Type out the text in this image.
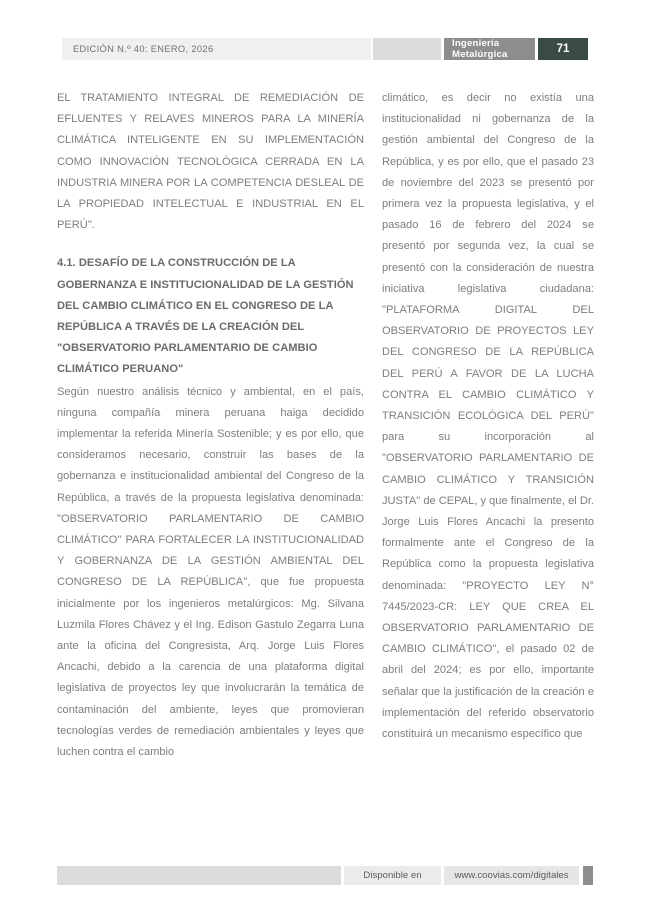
EDICIÓN N.º 40: ENERO, 2026	Ingeniería Metalúrgica	71

EL TRATAMIENTO INTEGRAL DE REMEDIACIÓN DE EFLUENTES Y RELAVES MINEROS PARA LA MINERÍA CLIMÁTICA INTELIGENTE EN SU IMPLEMENTACIÓN COMO INNOVACIÓN TECNOLÓGICA CERRADA EN LA INDUSTRIA MINERA POR LA COMPETENCIA DESLEAL DE LA PROPIEDAD INTELECTUAL E INDUSTRIAL EN EL PERÚ".

4.1. DESAFÍO DE LA CONSTRUCCIÓN DE LA GOBERNANZA E INSTITUCIONALIDAD DE LA GESTIÓN DEL CAMBIO CLIMÁTICO EN EL CONGRESO DE LA REPÚBLICA A TRAVÉS DE LA CREACIÓN DEL "OBSERVATORIO PARLAMENTARIO DE CAMBIO CLIMÁTICO PERUANO"

Según nuestro análisis técnico y ambiental, en el país, ninguna compañía minera peruana haiga decidido implementar la referida Minería Sostenible; y es por ello, que consideramos necesario, construir las bases de la gobernanza e institucionalidad ambiental del Congreso de la República, a través de la propuesta legislativa denominada: "OBSERVATORIO PARLAMENTARIO DE CAMBIO CLIMÁTICO" PARA FORTALECER LA INSTITUCIONALIDAD Y GOBERNANZA DE LA GESTIÓN AMBIENTAL DEL CONGRESO DE LA REPÚBLICA", que fue propuesta inicialmente por los ingenieros metalúrgicos: Mg. Silvana Luzmila Flores Chávez y el Ing. Edison Gastulo Zegarra Luna ante la oficina del Congresista, Arq. Jorge Luis Flores Ancachi, debido a la carencia de una plataforma digital legislativa de proyectos ley que involucrarán la temática de contaminación del ambiente, leyes que promovieran tecnologías verdes de remediación ambientales y leyes que luchen contra el cambio

climático, es decir no existía una institucionalidad ni gobernanza de la gestión ambiental del Congreso de la República, y es por ello, que el pasado 23 de noviembre del 2023 se presentó por primera vez la propuesta legislativa, y el pasado 16 de febrero del 2024 se presentó por segunda vez, la cual se presentó con la consideración de nuestra iniciativa legislativa ciudadana: "PLATAFORMA DIGITAL DEL OBSERVATORIO DE PROYECTOS LEY DEL CONGRESO DE LA REPÚBLICA DEL PERÚ A FAVOR DE LA LUCHA CONTRA EL CAMBIO CLIMÁTICO Y TRANSICIÓN ECOLÓGICA DEL PERÚ" para su incorporación al "OBSERVATORIO PARLAMENTARIO DE CAMBIO CLIMÁTICO Y TRANSICIÓN JUSTA" de CEPAL, y que finalmente, el Dr. Jorge Luis Flores Ancachi la presento formalmente ante el Congreso de la República como la propuesta legislativa denominada: "PROYECTO LEY N° 7445/2023-CR: LEY QUE CREA EL OBSERVATORIO PARLAMENTARIO DE CAMBIO CLIMÁTICO", el pasado 02 de abril del 2024; es por ello, importante señalar que la justificación de la creación e implementación del referido observatorio constituirá un mecanismo específico que

Disponible en	www.coovias.com/digitales
